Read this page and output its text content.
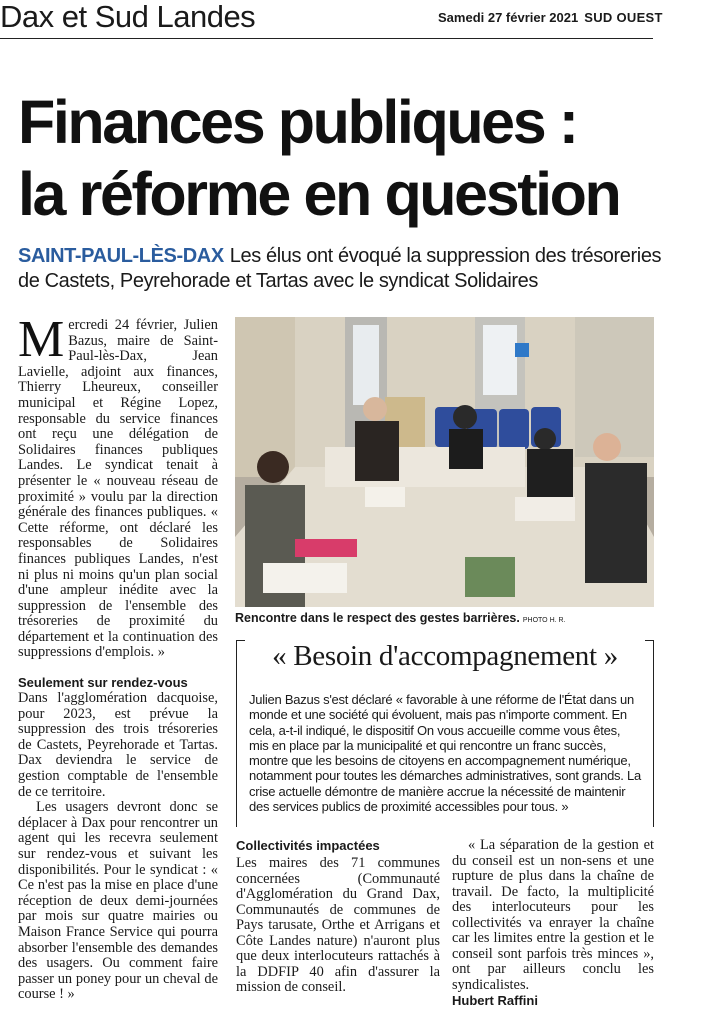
Dax et Sud Landes	Samedi 27 février 2021 SUD OUEST
Finances publiques :
la réforme en question
SAINT-PAUL-LÈS-DAX Les élus ont évoqué la suppression des trésoreries de Castets, Peyrehorade et Tartas avec le syndicat Solidaires

Mercredi 24 février, Julien Bazus, maire de Saint-Paul-lès-Dax, Jean Lavielle, adjoint aux finances, Thierry Lheureux, conseiller municipal et Régine Lopez, responsable du service finances ont reçu une délégation de Solidaires finances publiques Landes. Le syndicat tenait à présenter le « nouveau réseau de proximité » voulu par la direction générale des finances publiques. « Cette réforme, ont déclaré les responsables de Solidaires finances publiques Landes, n'est ni plus ni moins qu'un plan social d'une ampleur inédite avec la suppression de l'ensemble des trésoreries de proximité du département et la continuation des suppressions d'emplois. »

Seulement sur rendez-vous

Dans l'agglomération dacquoise, pour 2023, est prévue la suppression des trois trésoreries de Castets, Peyrehorade et Tartas. Dax deviendra le service de gestion comptable de l'ensemble de ce territoire.

Les usagers devront donc se déplacer à Dax pour rencontrer un agent qui les recevra seulement sur rendez-vous et suivant les disponibilités. Pour le syndicat : « Ce n'est pas la mise en place d'une réception de deux demi-journées par mois sur quatre mairies ou Maison France Service qui pourra absorber l'ensemble des demandes des usagers. Ou comment faire passer un poney pour un cheval de course ! »

Rencontre dans le respect des gestes barrières. PHOTO H. R.
« Besoin d'accompagnement »
Julien Bazus s'est déclaré « favorable à une réforme de l'État dans un monde et une société qui évoluent, mais pas n'importe comment. En cela, a-t-il indiqué, le dispositif On vous accueille comme vous êtes, mis en place par la municipalité et qui rencontre un franc succès, montre que les besoins de citoyens en accompagnement numérique, notamment pour toutes les démarches administratives, sont grands. La crise actuelle démontre de manière accrue la nécessité de maintenir des services publics de proximité accessibles pour tous. »
Collectivités impactées

Les maires des 71 communes concernées (Communauté d'Agglomération du Grand Dax, Communautés de communes de Pays tarusate, Orthe et Arrigans et Côte Landes nature) n'auront plus que deux interlocuteurs rattachés à la DDFIP 40 afin d'assurer la mission de conseil.

« La séparation de la gestion et du conseil est un non-sens et une rupture de plus dans la chaîne de travail. De facto, la multiplicité des interlocuteurs pour les collectivités va enrayer la chaîne car les limites entre la gestion et le conseil sont parfois très minces », ont par ailleurs conclu les syndicalistes.

Hubert Raffini
